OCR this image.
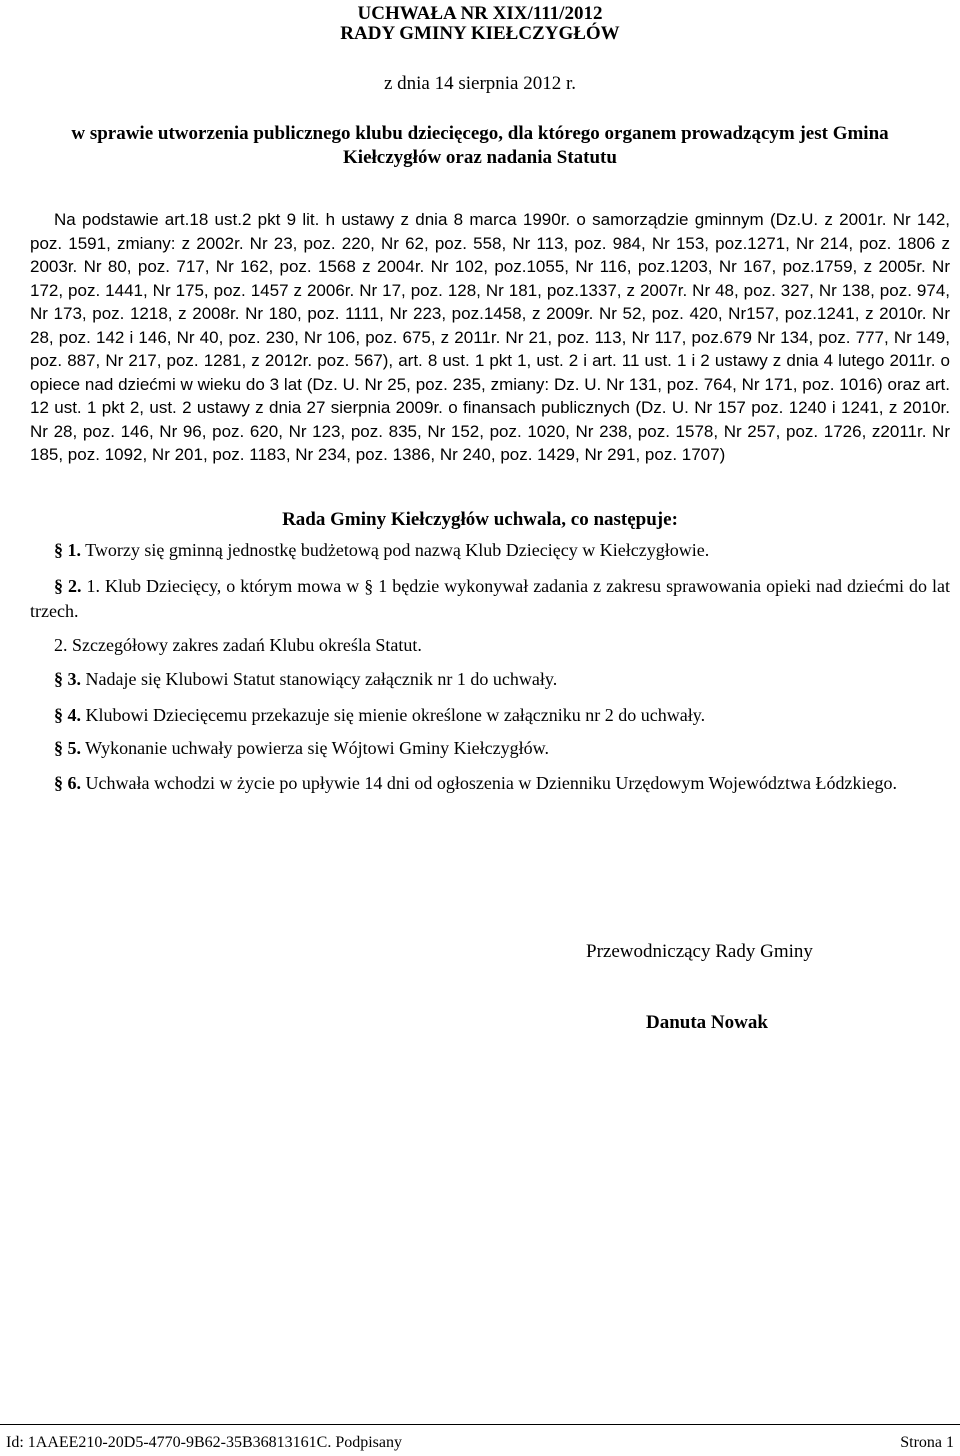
UCHWAŁA NR XIX/111/2012
RADY GMINY KIEŁCZYGŁÓW
z dnia 14 sierpnia 2012 r.
w sprawie utworzenia publicznego klubu dziecięcego, dla którego organem prowadzącym jest Gmina
Kiełczygłów oraz nadania Statutu
Na podstawie art.18 ust.2 pkt 9 lit. h ustawy z dnia 8 marca 1990r. o samorządzie gminnym (Dz.U. z 2001r. Nr 142, poz. 1591, zmiany: z 2002r. Nr 23, poz. 220, Nr 62, poz. 558, Nr 113, poz. 984, Nr 153, poz.1271, Nr 214, poz. 1806 z 2003r. Nr 80, poz. 717, Nr 162, poz. 1568 z 2004r. Nr 102, poz.1055, Nr 116, poz.1203, Nr 167, poz.1759, z 2005r. Nr 172, poz. 1441, Nr 175, poz. 1457 z 2006r. Nr 17, poz. 128, Nr 181, poz.1337, z 2007r. Nr 48, poz. 327, Nr 138, poz. 974, Nr 173, poz. 1218, z 2008r. Nr 180, poz. 1111, Nr 223, poz.1458, z 2009r. Nr 52, poz. 420, Nr157, poz.1241, z 2010r. Nr 28, poz. 142 i 146, Nr 40, poz. 230, Nr 106, poz. 675, z 2011r. Nr 21, poz. 113, Nr 117, poz.679 Nr 134, poz. 777, Nr 149, poz. 887, Nr 217, poz. 1281, z 2012r. poz. 567), art. 8 ust. 1 pkt 1, ust. 2 i art. 11 ust. 1 i 2 ustawy z dnia 4 lutego 2011r. o opiece nad dziećmi w wieku do 3 lat (Dz. U. Nr 25, poz. 235, zmiany: Dz. U. Nr 131, poz. 764, Nr 171, poz. 1016) oraz art. 12 ust. 1 pkt 2, ust. 2 ustawy z dnia 27 sierpnia 2009r. o finansach publicznych (Dz. U. Nr 157 poz. 1240 i 1241, z 2010r. Nr 28, poz. 146, Nr 96, poz. 620, Nr 123, poz. 835, Nr 152, poz. 1020, Nr 238, poz. 1578, Nr 257, poz. 1726, z2011r. Nr 185, poz. 1092, Nr 201, poz. 1183, Nr 234, poz. 1386, Nr 240, poz. 1429, Nr 291, poz. 1707)
Rada Gminy Kiełczygłów uchwala, co następuje:
§ 1. Tworzy się gminną jednostkę budżetową pod nazwą Klub Dziecięcy w Kiełczygłowie.
§ 2. 1. Klub Dziecięcy, o którym mowa w § 1 będzie wykonywał zadania z zakresu sprawowania opieki nad dziećmi do lat trzech.
2. Szczegółowy zakres zadań Klubu określa Statut.
§ 3. Nadaje się Klubowi Statut stanowiący załącznik nr 1 do uchwały.
§ 4. Klubowi Dziecięcemu przekazuje się mienie określone w załączniku nr 2 do uchwały.
§ 5. Wykonanie uchwały powierza się Wójtowi Gminy Kiełczygłów.
§ 6. Uchwała wchodzi w życie po upływie 14 dni od ogłoszenia w Dzienniku Urzędowym Województwa Łódzkiego.
Przewodniczący Rady Gminy
Danuta Nowak
Id: 1AAEE210-20D5-4770-9B62-35B36813161C. Podpisany	Strona 1
